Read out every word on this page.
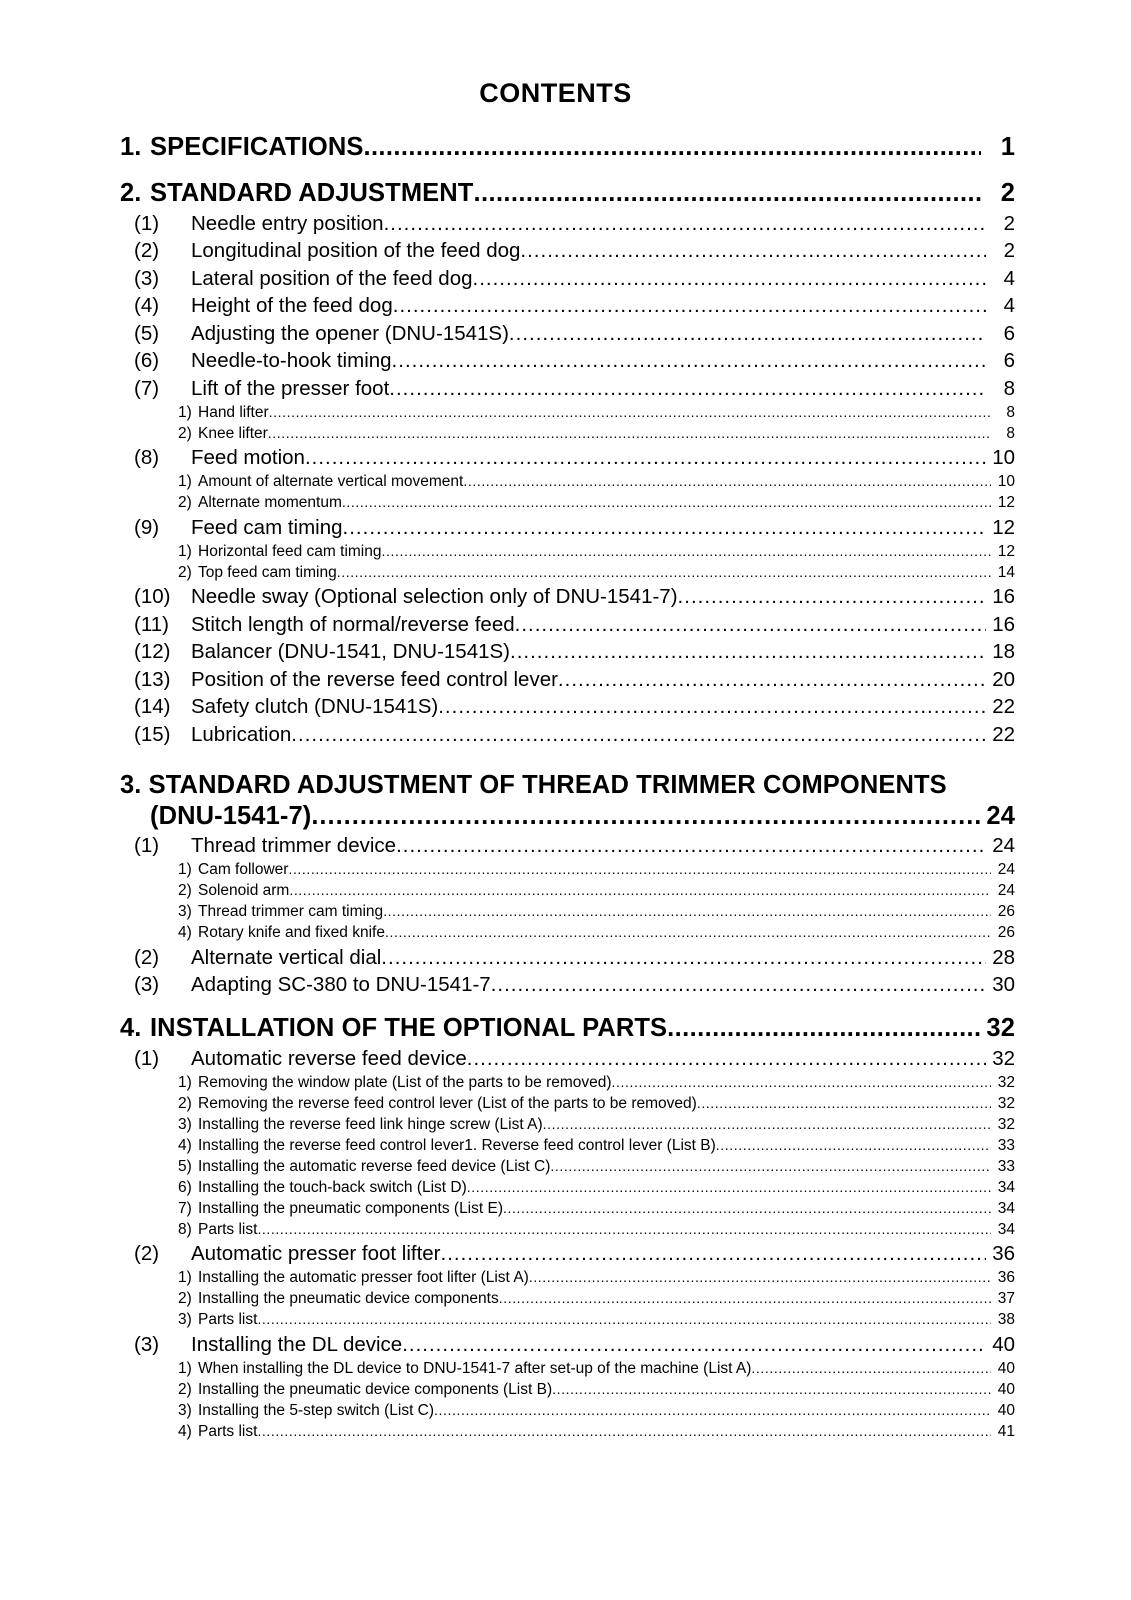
CONTENTS
1. SPECIFICATIONS .....	1
2. STANDARD ADJUSTMENT .....	2
(1)	Needle entry position .....	2
(2)	Longitudinal position of the feed dog .....	2
(3)	Lateral position of the feed dog .....	4
(4)	Height of the feed dog .....	4
(5)	Adjusting the opener (DNU-1541S) .....	6
(6)	Needle-to-hook timing .....	6
(7)	Lift of the presser foot .....	8
1) Hand lifter .....	8
2) Knee lifter .....	8
(8)	Feed motion .....	10
1) Amount of alternate vertical movement .....	10
2) Alternate momentum .....	12
(9)	Feed cam timing .....	12
1) Horizontal feed cam timing .....	12
2) Top feed cam timing .....	14
(10)	Needle sway (Optional selection only of DNU-1541-7) .....	16
(11)	Stitch length of normal/reverse feed .....	16
(12)	Balancer (DNU-1541, DNU-1541S) .....	18
(13)	Position of the reverse feed control lever .....	20
(14)	Safety clutch (DNU-1541S) .....	22
(15)	Lubrication .....	22
3. STANDARD ADJUSTMENT OF THREAD TRIMMER COMPONENTS
(DNU-1541-7) .....	24
(1)	Thread trimmer device .....	24
1) Cam follower .....	24
2) Solenoid arm .....	24
3) Thread trimmer cam timing .....	26
4) Rotary knife and fixed knife .....	26
(2)	Alternate vertical dial .....	28
(3)	Adapting SC-380 to DNU-1541-7 .....	30
4. INSTALLATION OF THE OPTIONAL PARTS .....	32
(1)	Automatic reverse feed device .....	32
1) Removing the window plate (List of the parts to be removed) .....	32
2) Removing the reverse feed control lever (List of the parts to be removed) .....	32
3) Installing the reverse feed link hinge screw (List A) .....	32
4) Installing the reverse feed control lever1. Reverse feed control lever (List B) .....	33
5) Installing the automatic reverse feed device (List C) .....	33
6) Installing the touch-back switch (List D) .....	34
7) Installing the pneumatic components (List E) .....	34
8) Parts list .....	34
(2)	Automatic presser foot lifter .....	36
1) Installing the automatic presser foot lifter (List A) .....	36
2) Installing the pneumatic device components .....	37
3) Parts list .....	38
(3)	Installing the DL device .....	40
1) When installing the DL device to DNU-1541-7 after set-up of the machine (List A) .....	40
2) Installing the pneumatic device components (List B) .....	40
3) Installing the 5-step switch (List C) .....	40
4) Parts list .....	41
